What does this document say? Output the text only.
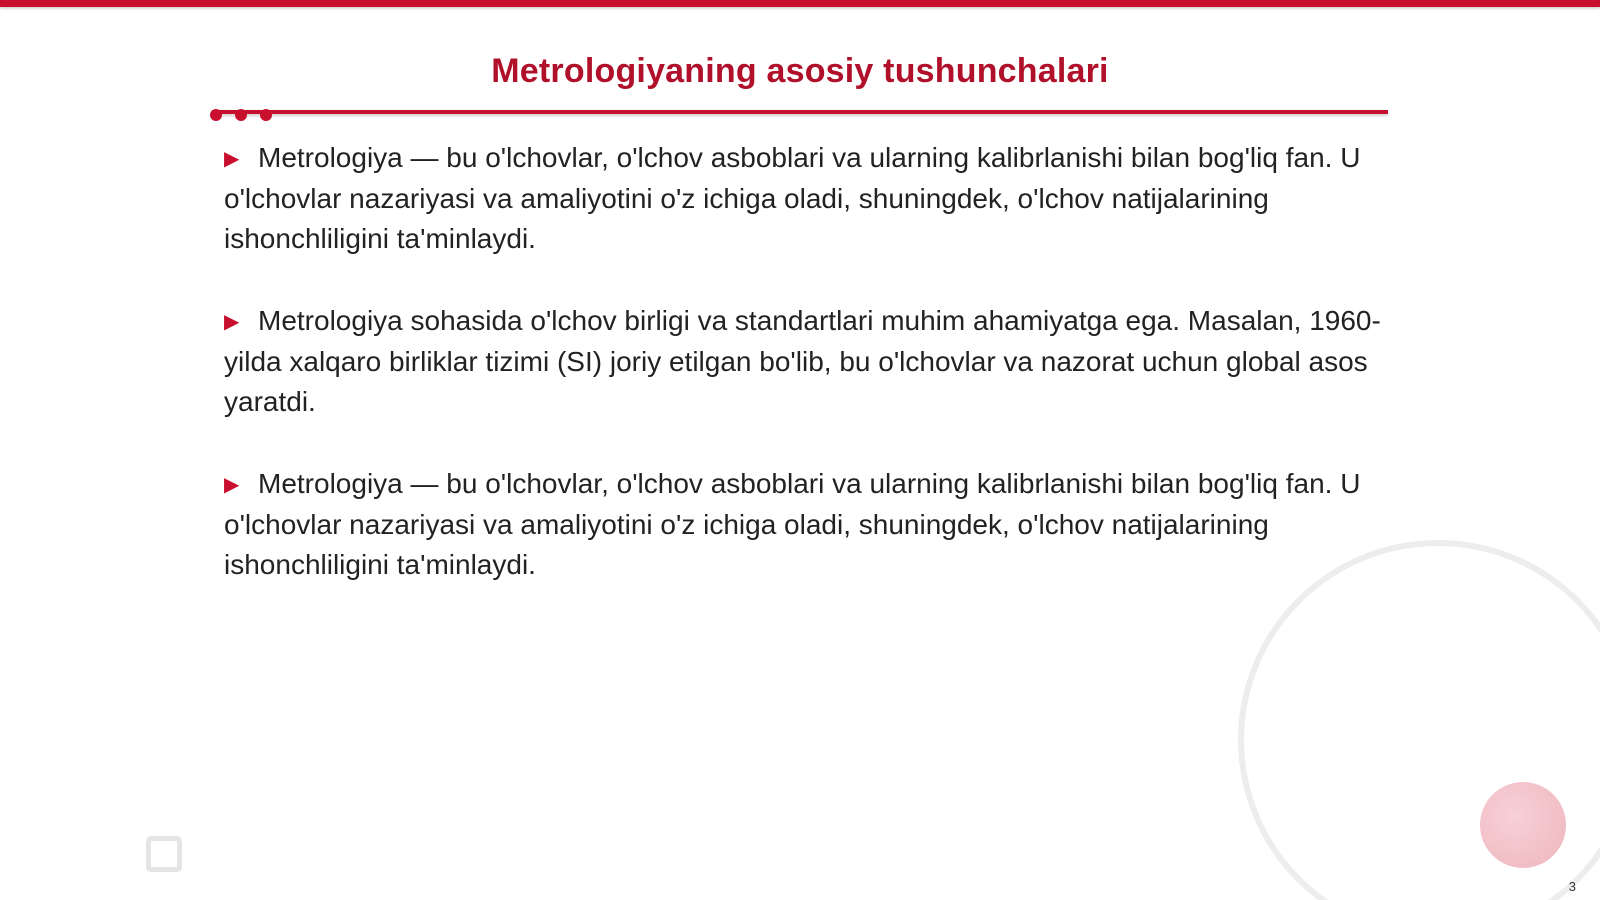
Metrologiyaning asosiy tushunchalari

▶ Metrologiya — bu o'lchovlar, o'lchov asboblari va ularning kalibrlanishi bilan bog'liq fan. U o'lchovlar nazariyasi va amaliyotini o'z ichiga oladi, shuningdek, o'lchov natijalarining ishonchliligini ta'minlaydi.

▶ Metrologiya sohasida o'lchov birligi va standartlari muhim ahamiyatga ega. Masalan, 1960-yilda xalqaro birliklar tizimi (SI) joriy etilgan bo'lib, bu o'lchovlar va nazorat uchun global asos yaratdi.

▶ Metrologiya — bu o'lchovlar, o'lchov asboblari va ularning kalibrlanishi bilan bog'liq fan. U o'lchovlar nazariyasi va amaliyotini o'z ichiga oladi, shuningdek, o'lchov natijalarining ishonchliligini ta'minlaydi.

3
